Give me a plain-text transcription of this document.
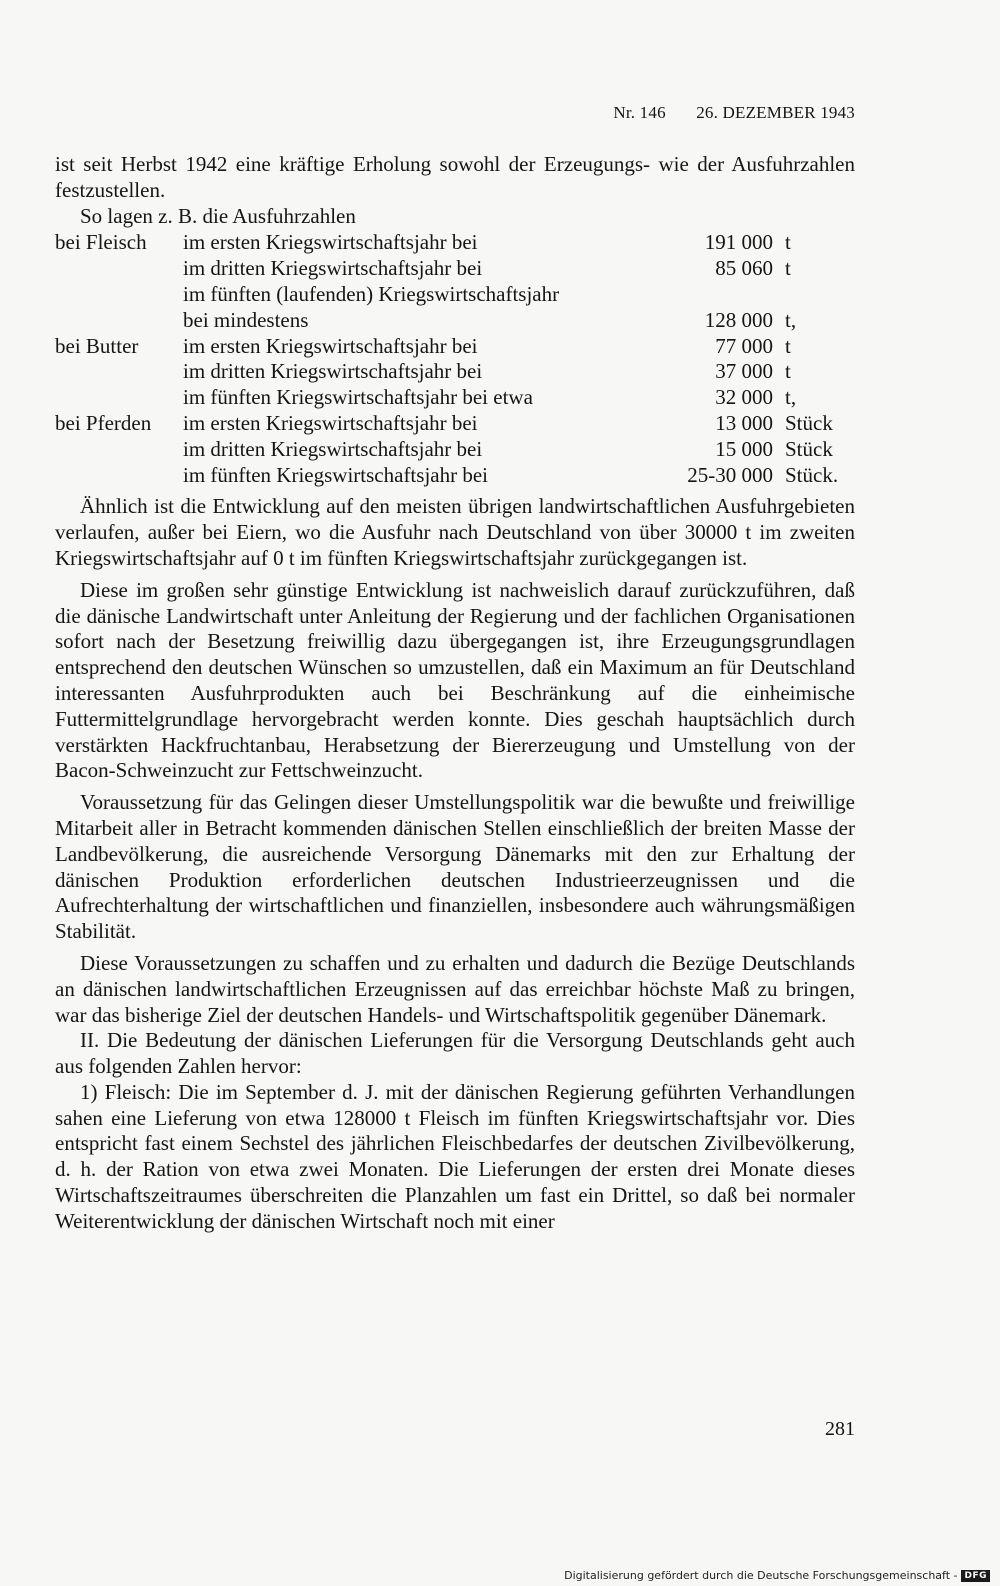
Nr. 146 26. DEZEMBER 1943

ist seit Herbst 1942 eine kräftige Erholung sowohl der Erzeugungs- wie der Ausfuhrzahlen festzustellen.

So lagen z. B. die Ausfuhrzahlen

bei Fleisch	im ersten Kriegswirtschaftsjahr bei	191 000 t
im dritten Kriegswirtschaftsjahr bei	85 060 t
im fünften (laufenden) Kriegswirtschaftsjahr
bei mindestens	128 000 t,
bei Butter	im ersten Kriegswirtschaftsjahr bei	77 000 t
im dritten Kriegswirtschaftsjahr bei	37 000 t
im fünften Kriegswirtschaftsjahr bei etwa	32 000 t,
bei Pferden	im ersten Kriegswirtschaftsjahr bei	13 000 Stück
im dritten Kriegswirtschaftsjahr bei	15 000 Stück
im fünften Kriegswirtschaftsjahr bei	25-30 000 Stück.

Ähnlich ist die Entwicklung auf den meisten übrigen landwirtschaftlichen Ausfuhrgebieten verlaufen, außer bei Eiern, wo die Ausfuhr nach Deutschland von über 30000 t im zweiten Kriegswirtschaftsjahr auf 0 t im fünften Kriegswirtschaftsjahr zurückgegangen ist.

Diese im großen sehr günstige Entwicklung ist nachweislich darauf zurückzuführen, daß die dänische Landwirtschaft unter Anleitung der Regierung und der fachlichen Organisationen sofort nach der Besetzung freiwillig dazu übergegangen ist, ihre Erzeugungsgrundlagen entsprechend den deutschen Wünschen so umzustellen, daß ein Maximum an für Deutschland interessanten Ausfuhrprodukten auch bei Beschränkung auf die einheimische Futtermittelgrundlage hervorgebracht werden konnte. Dies geschah hauptsächlich durch verstärkten Hackfruchtanbau, Herabsetzung der Biererzeugung und Umstellung von der Bacon-Schweinzucht zur Fettschweinzucht.

Voraussetzung für das Gelingen dieser Umstellungspolitik war die bewußte und freiwillige Mitarbeit aller in Betracht kommenden dänischen Stellen einschließlich der breiten Masse der Landbevölkerung, die ausreichende Versorgung Dänemarks mit den zur Erhaltung der dänischen Produktion erforderlichen deutschen Industrieerzeugnissen und die Aufrechterhaltung der wirtschaftlichen und finanziellen, insbesondere auch währungsmäßigen Stabilität.

Diese Voraussetzungen zu schaffen und zu erhalten und dadurch die Bezüge Deutschlands an dänischen landwirtschaftlichen Erzeugnissen auf das erreichbar höchste Maß zu bringen, war das bisherige Ziel der deutschen Handels- und Wirtschaftspolitik gegenüber Dänemark.

II. Die Bedeutung der dänischen Lieferungen für die Versorgung Deutschlands geht auch aus folgenden Zahlen hervor:

1) Fleisch: Die im September d. J. mit der dänischen Regierung geführten Verhandlungen sahen eine Lieferung von etwa 128000 t Fleisch im fünften Kriegswirtschaftsjahr vor. Dies entspricht fast einem Sechstel des jährlichen Fleischbedarfes der deutschen Zivilbevölkerung, d. h. der Ration von etwa zwei Monaten. Die Lieferungen der ersten drei Monate dieses Wirtschaftszeitraumes überschreiten die Planzahlen um fast ein Drittel, so daß bei normaler Weiterentwicklung der dänischen Wirtschaft noch mit einer

281
Digitalisierung gefördert durch die Deutsche Forschungsgemeinschaft - DFG
